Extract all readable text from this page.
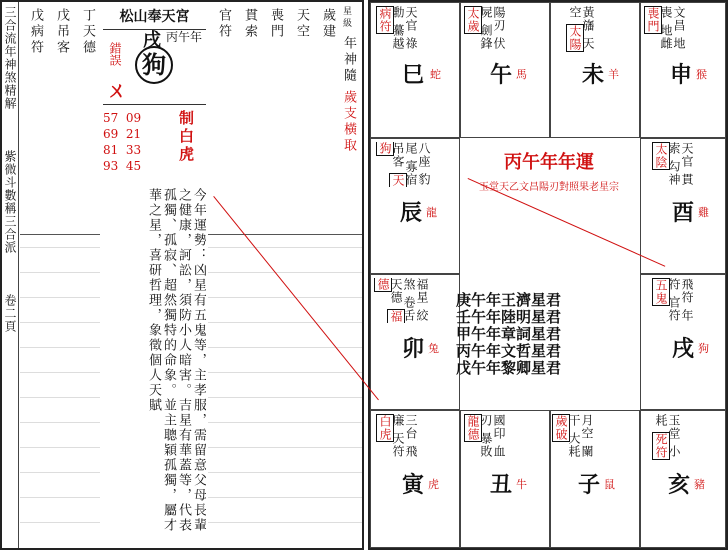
三合流年神煞精解
紫微斗數稱三合派
卷二頁
戊病符
戊吊客
丁天德
松山奉天宮
錯誤
ㄨ
戌
狗
丙午年
57 09
69 21
81 33
93 45
制白虎
今年運勢：凶星有五鬼等，主孝服，需留意父母長輩之健康，訶訟，須防小人暗害。吉星有華蓋等，代表孤獨、孤寂、超然獨特的命象。並主聰穎孤獨，屬才華之星，喜研哲理，象徵個人天賦
官符 貫索 喪門 天空 歲建 星級
年神隨
歲支橫取
巳 蛇 午 馬	未 羊 申 猴
辰 龍	酉 雞
卯 兔	戌 狗
寅 虎 丑 牛 子 鼠 亥 豬
天官 祿勳 驀越 病符	陽刃 伏屍 劍鋒 太歲	黃旛 天空 太陽
文昌 地喪 地雌 喪門
八座 豹尾 寡宿 吊客 天狗	天官 貫索 勾神 太陰
福星 絞煞 卷舌 天德 福德	飛符 年符 官符 五鬼
三台 飛廉 天符 白虎	國印 血刃 暴敗 龍德	月空 闌干 大耗 歲破	玉堂 小耗 死符
丙午年年運
玉堂天乙文昌陽刃對照果老星宗
庚午年王濟星君
壬午年陸明星君
甲午年章詞星君
丙午年文哲星君
戊午年黎卿星君
